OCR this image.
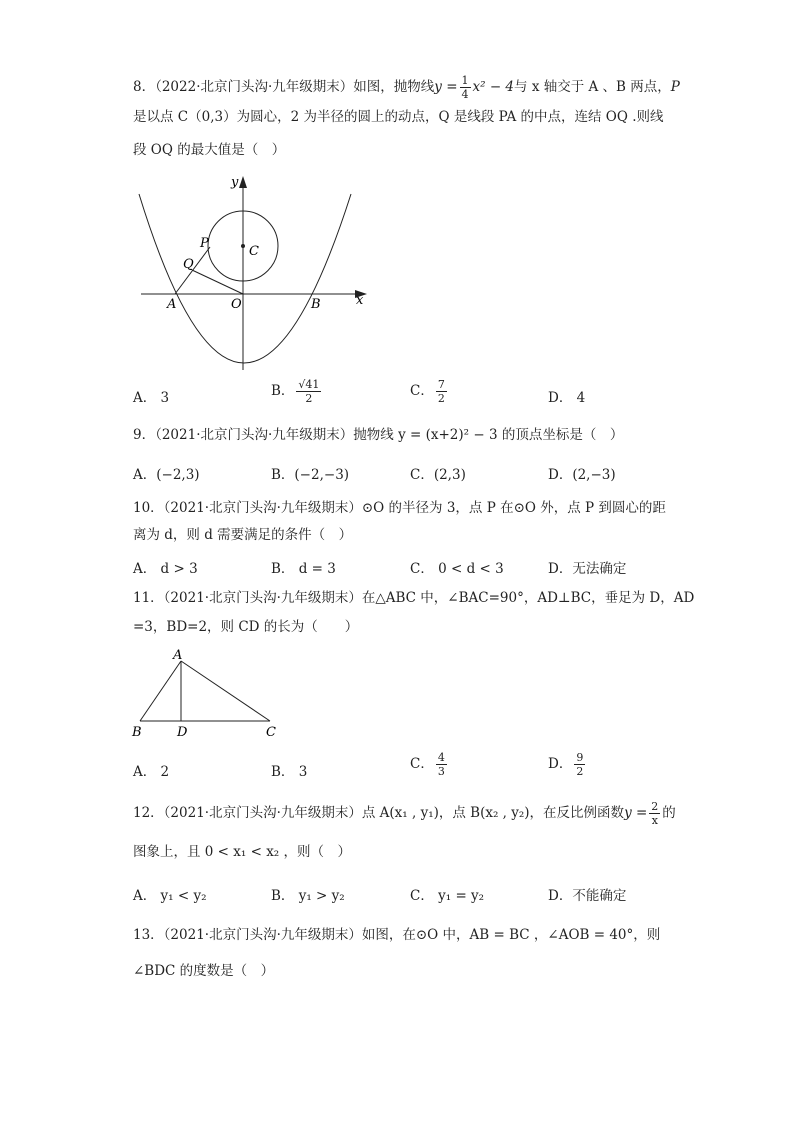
8．（2022·北京门头沟·九年级期末）如图，抛物线$y = \frac{1}{4} x^2 - 4$与 x 轴交于 A 、B 两点，P
是以点 C（0,3）为圆心，2 为半径的圆上的动点，Q 是线段 PA 的中点，连结 OQ .则线
段 OQ 的最大值是（　）
y
x
C
P
Q
A	O	B
A． 3	B． $\frac{√41}{2}$	C． $\frac{7}{2}$	D． 4
9．（2021·北京门头沟·九年级期末）抛物线 y = (x+2)² − 3 的顶点坐标是（　）
A．(−2,3)	B．(−2,−3)	C．(2,3)	D．(2,−3)
10．（2021·北京门头沟·九年级期末）⊙O 的半径为 3，点 P 在⊙O 外，点 P 到圆心的距
离为 d，则 d 需要满足的条件（　）
A． d > 3	B． d = 3	C． 0 < d < 3	D．无法确定
11．（2021·北京门头沟·九年级期末）在△ABC 中，∠BAC=90°，AD⊥BC，垂足为 D，AD
=3，BD=2，则 CD 的长为（　　）
A
B	D	C
A． 2	B． 3	C． $\frac{4}{3}$	D． $\frac{9}{2}$
12．（2021·北京门头沟·九年级期末）点 A(x₁ , y₁)，点 B(x₂ , y₂)，在反比例函数$y = \frac{2}{x}$ 的
图象上，且 0 < x₁ < x₂ ，则（　）
A． y₁ < y₂	B． y₁ > y₂	C． y₁ = y₂	D．不能确定
13．（2021·北京门头沟·九年级期末）如图，在⊙O 中，AB = BC ，∠AOB = 40°，则
∠BDC 的度数是（　）
